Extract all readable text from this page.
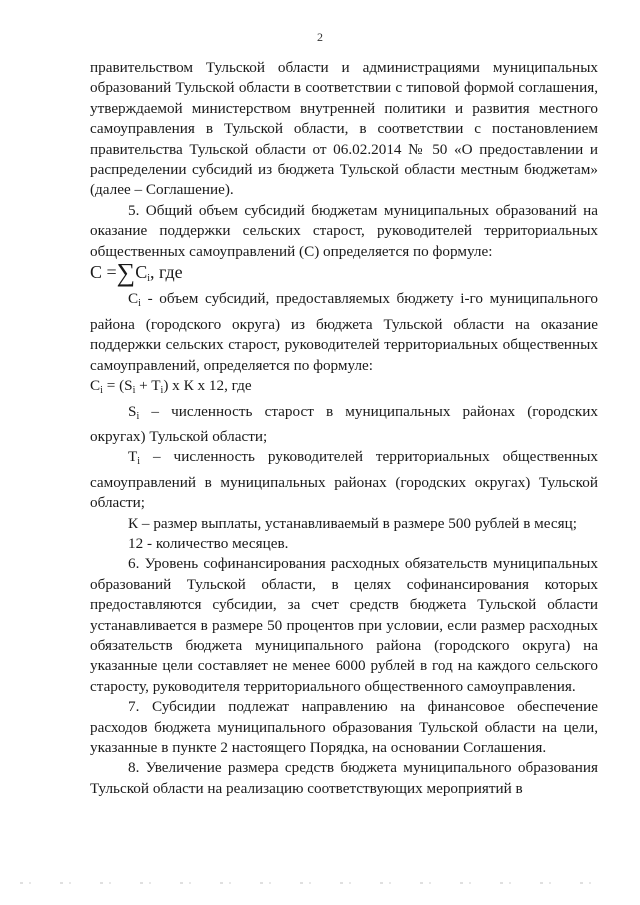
2

правительством Тульской области и администрациями муниципальных образований Тульской области в соответствии с типовой формой соглашения, утверждаемой министерством внутренней политики и развития местного самоуправления в Тульской области, в соответствии с постановлением правительства Тульской области от 06.02.2014 № 50 «О предоставлении и распределении субсидий из бюджета Тульской области местным бюджетам» (далее – Соглашение).

5. Общий объем субсидий бюджетам муниципальных образований на оказание поддержки сельских старост, руководителей территориальных общественных самоуправлений (С) определяется по формуле:

$С =\sum С_i$, где

$С_i$ - объем субсидий, предоставляемых бюджету i-го муниципального района (городского округа) из бюджета Тульской области на оказание поддержки сельских старост, руководителей территориальных общественных самоуправлений, определяется по формуле:

$С_i = (S_i + T_i)$ x К x 12, где

$S_i$ – численность старост в муниципальных районах (городских округах) Тульской области;

$T_i$ – численность руководителей территориальных общественных самоуправлений в муниципальных районах (городских округах) Тульской области;

К – размер выплаты, устанавливаемый в размере 500 рублей в месяц;

12 - количество месяцев.

6. Уровень софинансирования расходных обязательств муниципальных образований Тульской области, в целях софинансирования которых предоставляются субсидии, за счет средств бюджета Тульской области устанавливается в размере 50 процентов при условии, если размер расходных обязательств бюджета муниципального района (городского округа) на указанные цели составляет не менее 6000 рублей в год на каждого сельского старосту, руководителя территориального общественного самоуправления.

7. Субсидии подлежат направлению на финансовое обеспечение расходов бюджета муниципального образования Тульской области на цели, указанные в пункте 2 настоящего Порядка, на основании Соглашения.

8. Увеличение размера средств бюджета муниципального образования Тульской области на реализацию соответствующих мероприятий в
